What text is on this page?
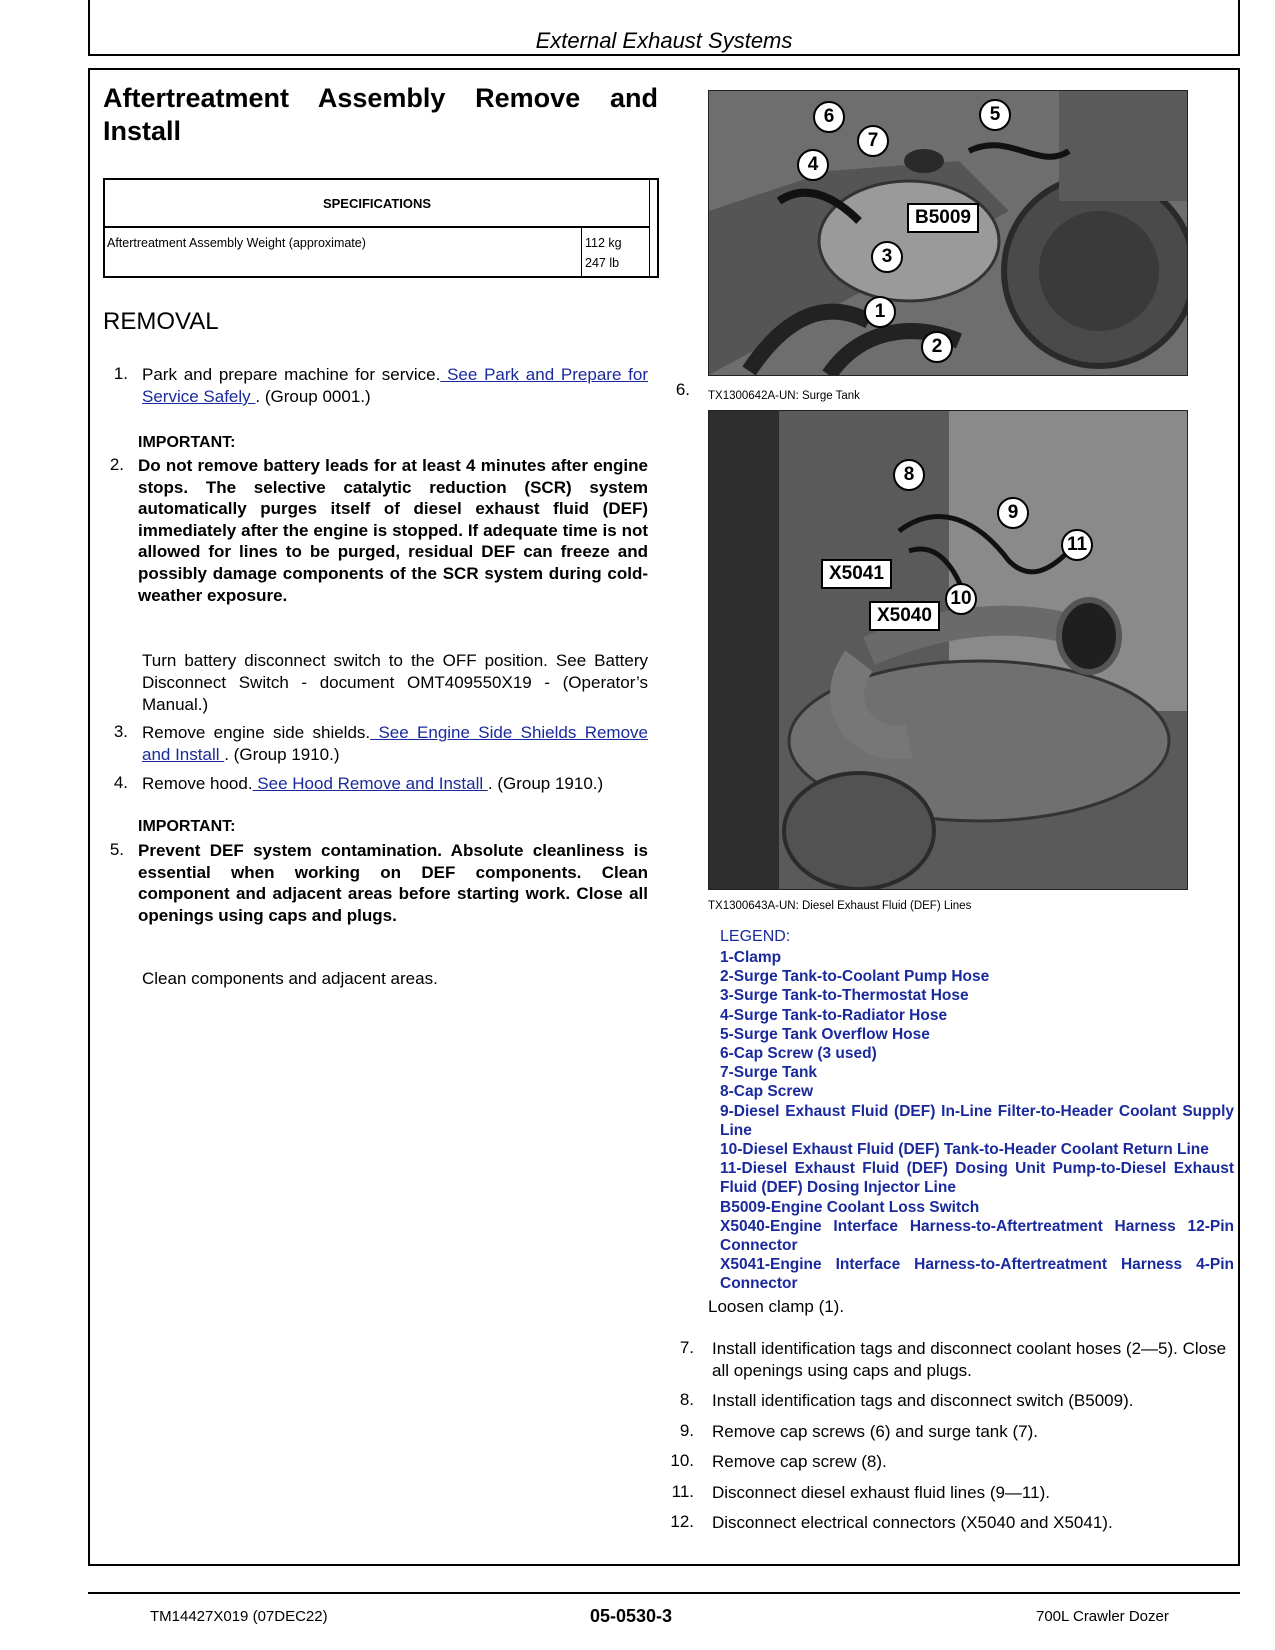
External Exhaust Systems
Aftertreatment Assembly Remove and
Install
SPECIFICATIONS
Aftertreatment Assembly Weight (approximate)	112 kg
247 lb
REMOVAL
1. Park and prepare machine for service. See Park and Prepare for Service Safely . (Group 0001.)
IMPORTANT:
2. Do not remove battery leads for at least 4 minutes after engine stops. The selective catalytic reduction (SCR) system automatically purges itself of diesel exhaust fluid (DEF) immediately after the engine is stopped. If adequate time is not allowed for lines to be purged, residual DEF can freeze and possibly damage components of the SCR system during cold-weather exposure.
Turn battery disconnect switch to the OFF position. See Battery Disconnect Switch - document OMT409550X19 - (Operator’s Manual.)
3. Remove engine side shields. See Engine Side Shields Remove and Install . (Group 1910.)
4. Remove hood. See Hood Remove and Install . (Group 1910.)
IMPORTANT:
5. Prevent DEF system contamination. Absolute cleanliness is essential when working on DEF components. Clean component and adjacent areas before starting work. Close all openings using caps and plugs.
Clean components and adjacent areas.
6.
6
7
4
5
3
1
2
B5009
TX1300642A-UN: Surge Tank
8
9
11
10
X5041
X5040
TX1300643A-UN: Diesel Exhaust Fluid (DEF) Lines
LEGEND:
1-Clamp
2-Surge Tank-to-Coolant Pump Hose
3-Surge Tank-to-Thermostat Hose
4-Surge Tank-to-Radiator Hose
5-Surge Tank Overflow Hose
6-Cap Screw (3 used)
7-Surge Tank
8-Cap Screw
9-Diesel Exhaust Fluid (DEF) In-Line Filter-to-Header Coolant Supply Line
10-Diesel Exhaust Fluid (DEF) Tank-to-Header Coolant Return Line
11-Diesel Exhaust Fluid (DEF) Dosing Unit Pump-to-Diesel Exhaust Fluid (DEF) Dosing Injector Line
B5009-Engine Coolant Loss Switch
X5040-Engine Interface Harness-to-Aftertreatment Harness 12-Pin Connector
X5041-Engine Interface Harness-to-Aftertreatment Harness 4-Pin Connector
Loosen clamp (1).
7. Install identification tags and disconnect coolant hoses (2—5). Close all openings using caps and plugs.
8. Install identification tags and disconnect switch (B5009).
9. Remove cap screws (6) and surge tank (7).
10. Remove cap screw (8).
11. Disconnect diesel exhaust fluid lines (9—11).
12. Disconnect electrical connectors (X5040 and X5041).
TM14427X019 (07DEC22)	05-0530-3	700L Crawler Dozer
